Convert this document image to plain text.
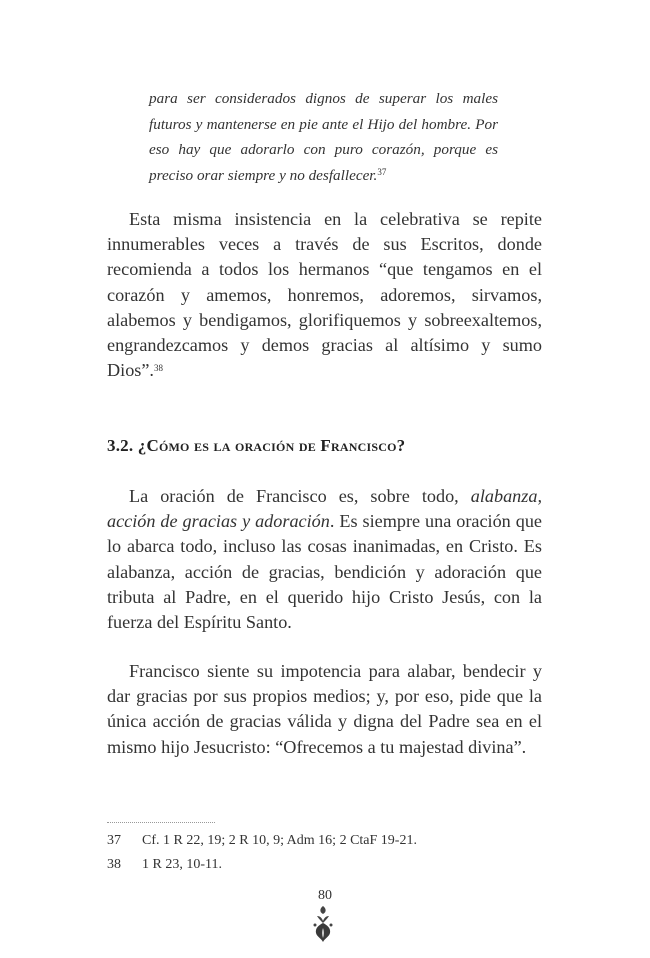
para ser considerados dignos de superar los males futuros y mantenerse en pie ante el Hijo del hombre. Por eso hay que adorarlo con puro corazón, porque es preciso orar siempre y no desfallecer.$^{37}$

Esta misma insistencia en la celebrativa se repite innumerables veces a través de sus Escritos, donde recomienda a todos los hermanos “que tengamos en el corazón y amemos, honremos, adoremos, sirvamos, alabemos y bendigamos, glorifiquemos y sobreexaltemos, engrandezcamos y demos gracias al altísimo y sumo Dios”.$^{38}$

3.2. ¿Cómo es la oración de Francisco?

La oración de Francisco es, sobre todo, alabanza, acción de gracias y adoración. Es siempre una oración que lo abarca todo, incluso las cosas inanimadas, en Cristo. Es alabanza, acción de gracias, bendición y adoración que tributa al Padre, en el querido hijo Cristo Jesús, con la fuerza del Espíritu Santo.

Francisco siente su impotencia para alabar, bendecir y dar gracias por sus propios medios; y, por eso, pide que la única acción de gracias válida y digna del Padre sea en el mismo hijo Jesucristo: “Ofrecemos a tu majestad divina”.

37	Cf. 1 R 22, 19; 2 R 10, 9; Adm 16; 2 CtaF 19-21.

38	1 R 23, 10-11.

80
